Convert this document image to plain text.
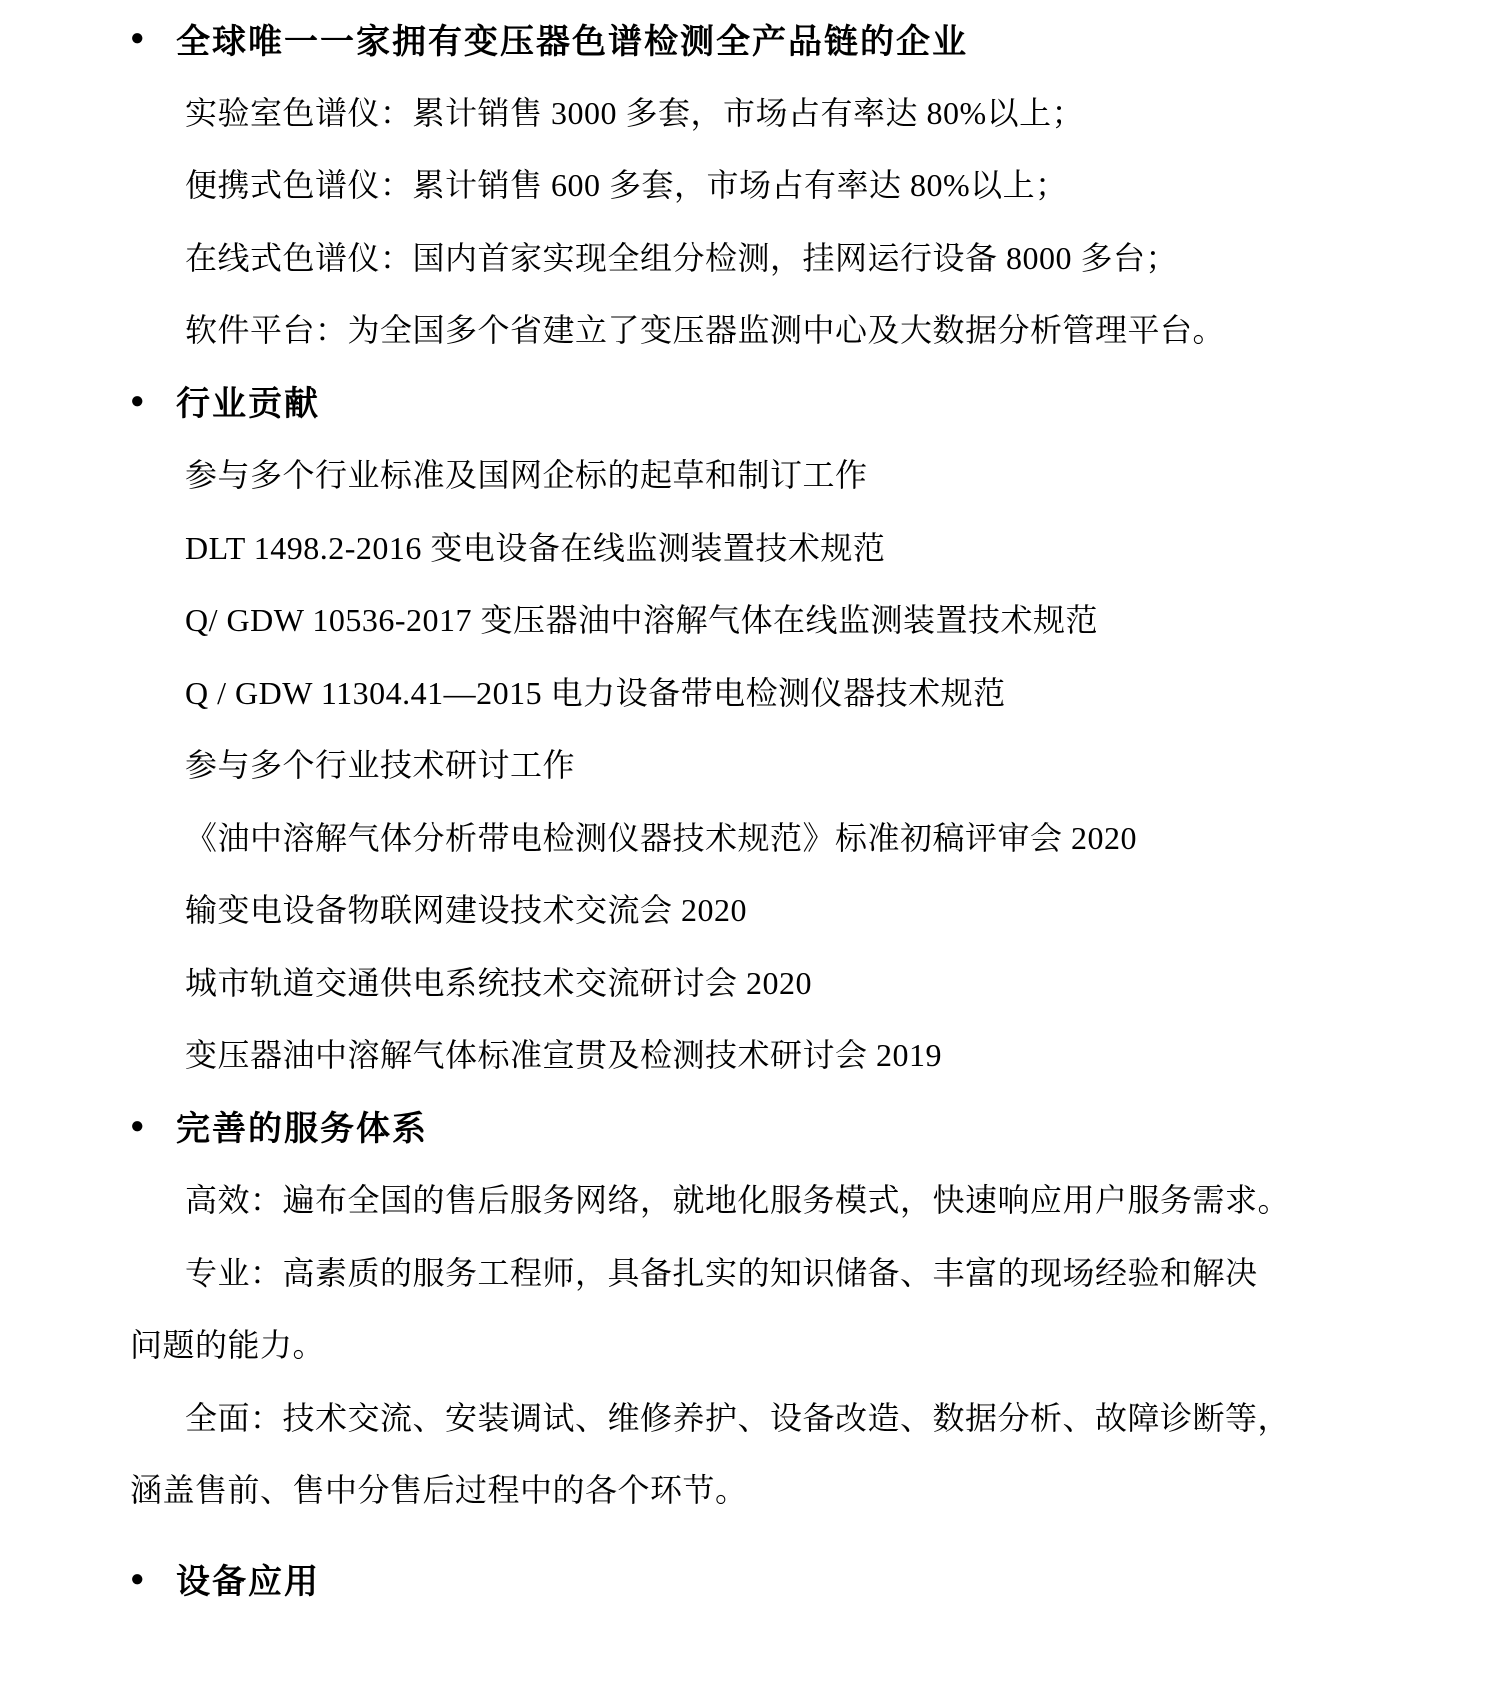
● 全球唯一一家拥有变压器色谱检测全产品链的企业
实验室色谱仪：累计销售 3000 多套，市场占有率达 80%以上；
便携式色谱仪：累计销售 600 多套，市场占有率达 80%以上；
在线式色谱仪：国内首家实现全组分检测，挂网运行设备 8000 多台；
软件平台：为全国多个省建立了变压器监测中心及大数据分析管理平台。
● 行业贡献
参与多个行业标准及国网企标的起草和制订工作
DLT 1498.2-2016 变电设备在线监测装置技术规范
Q/ GDW 10536-2017 变压器油中溶解气体在线监测装置技术规范
Q / GDW 11304.41—2015 电力设备带电检测仪器技术规范
参与多个行业技术研讨工作
《油中溶解气体分析带电检测仪器技术规范》标准初稿评审会 2020
输变电设备物联网建设技术交流会 2020
城市轨道交通供电系统技术交流研讨会 2020
变压器油中溶解气体标准宣贯及检测技术研讨会 2019
● 完善的服务体系
高效：遍布全国的售后服务网络，就地化服务模式，快速响应用户服务需求。
专业：高素质的服务工程师，具备扎实的知识储备、丰富的现场经验和解决
问题的能力。
全面：技术交流、安装调试、维修养护、设备改造、数据分析、故障诊断等，
涵盖售前、售中分售后过程中的各个环节。
● 设备应用
